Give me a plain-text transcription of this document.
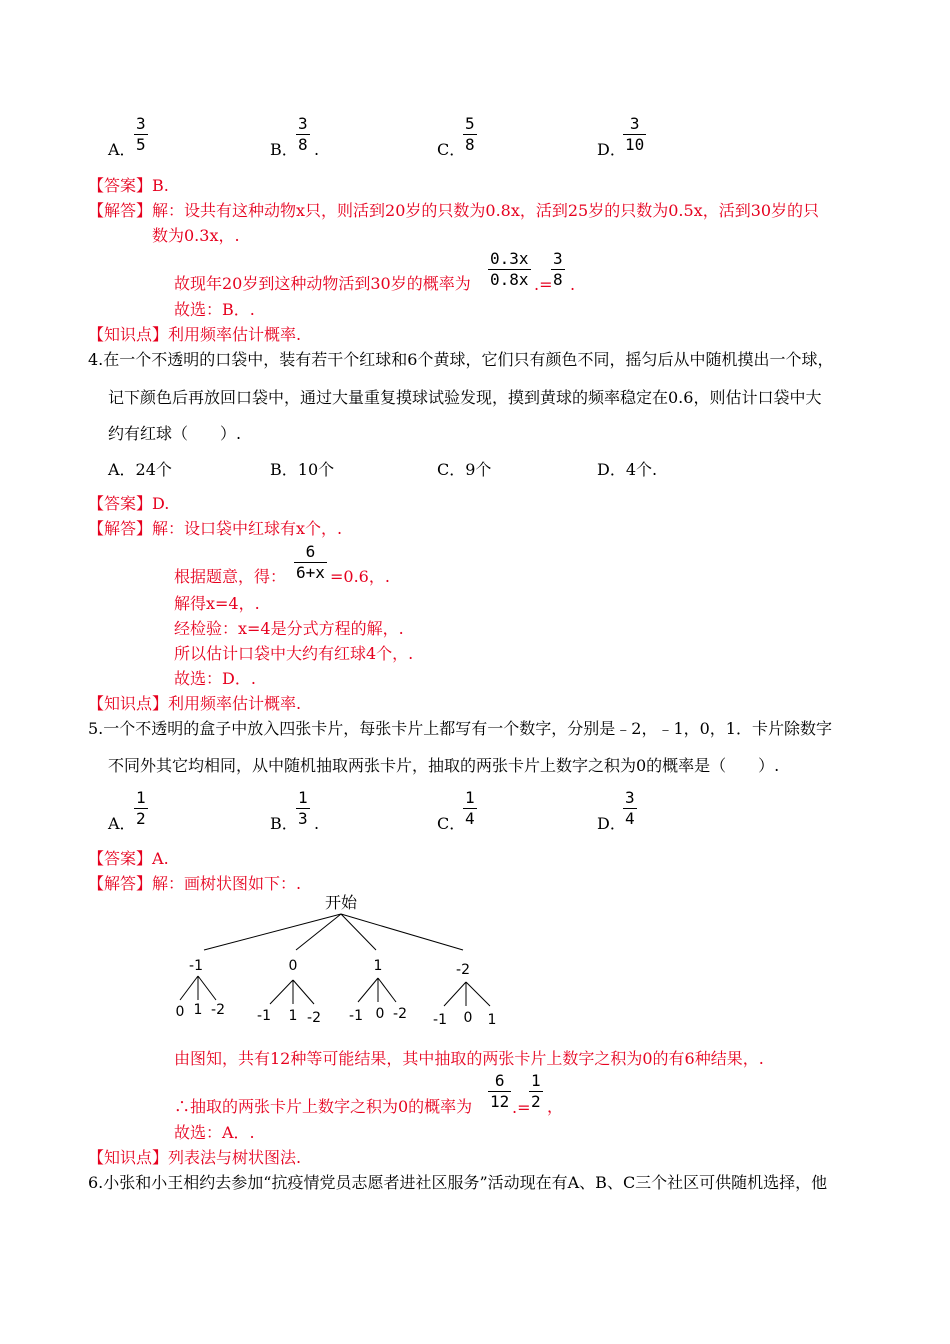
A．
3
5	B．
3
8 .	C．
5
8	D．
3
10
【答案】B.
【解答】解：设共有这种动物x只，则活到20岁的只数为0.8x，活到25岁的只数为0.5x，活到30岁的只
数为0.3x，.
故现年20岁到这种动物活到30岁的概率为
0.3x
0.8x .=
3
8 .
故选：B．.
【知识点】利用频率估计概率.
4.在一个不透明的口袋中，装有若干个红球和6个黄球，它们只有颜色不同，摇匀后从中随机摸出一个球，
记下颜色后再放回口袋中，通过大量重复摸球试验发现，摸到黄球的频率稳定在0.6，则估计口袋中大
约有红球（　　）.
A．24个	B．10个	C．9个	D．4个.
【答案】D.
【解答】解：设口袋中红球有x个，.
根据题意，得：
6
6+x =0.6，.
解得x=4，.
经检验：x=4是分式方程的解，.
所以估计口袋中大约有红球4个，.
故选：D．.
【知识点】利用频率估计概率.
5.一个不透明的盒子中放入四张卡片，每张卡片上都写有一个数字，分别是﹣2，﹣1，0，1．卡片除数字
不同外其它均相同，从中随机抽取两张卡片，抽取的两张卡片上数字之积为0的概率是（　　）.
A．
1
2	B．
1
3 .	C．
1
4	D．
3
4
【答案】A.
【解答】解：画树状图如下：.
开始
-1	0	1	-2
0 1 -2 -1 1 -2 -1 0 -2 -1 0 1
由图知，共有12种等可能结果，其中抽取的两张卡片上数字之积为0的有6种结果，.
∴抽取的两张卡片上数字之积为0的概率为
6
12 .=
1
2 ，
故选：A．.
【知识点】列表法与树状图法.
6.小张和小王相约去参加“抗疫情党员志愿者进社区服务”活动现在有A、B、C三个社区可供随机选择，他
